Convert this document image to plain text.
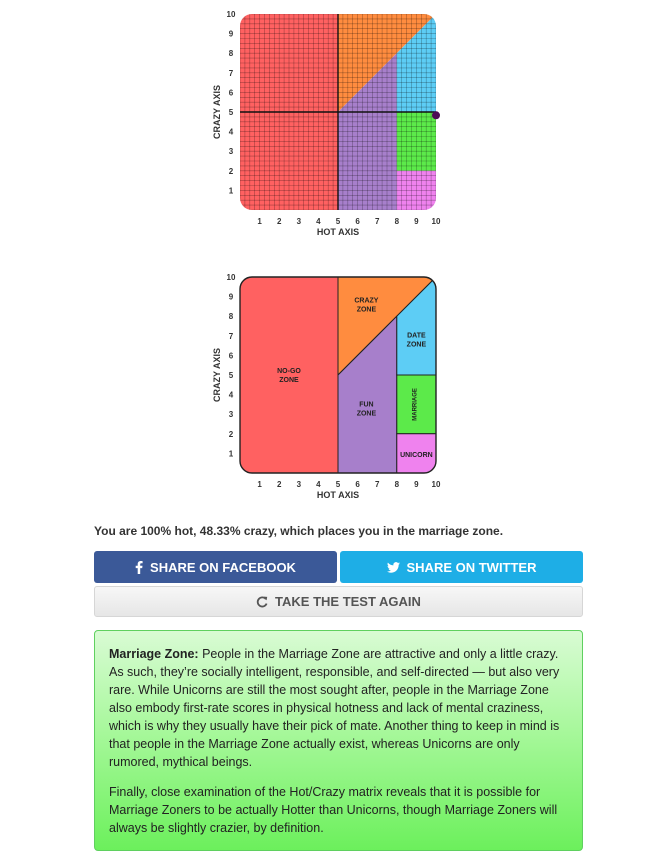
1 2 3 4 5 6 7 8 9 10
1
2
3
4
5
6
7
8
9
10
HOT AXIS
CRAZY AXIS
1 2 3 4 5 6 7 8 9 10
1
2
3
4
5
6
7
8
9
10
HOT AXIS
CRAZY AXIS	NO-GO
ZONE
CRAZY
ZONE
FUN
ZONE
DATE
ZONE
MARRIAGE
UNICORN
You are 100% hot, 48.33% crazy, which places you in the marriage zone.
SHARE ON FACEBOOK	SHARE ON TWITTER
TAKE THE TEST AGAIN

Marriage Zone: People in the Marriage Zone are attractive and only a little crazy. As such, they’re socially intelligent, responsible, and self-directed — but also very rare. While Unicorns are still the most sought after, people in the Marriage Zone also embody first-rate scores in physical hotness and lack of mental craziness, which is why they usually have their pick of mate. Another thing to keep in mind is that people in the Marriage Zone actually exist, whereas Unicorns are only rumored, mythical beings.

Finally, close examination of the Hot/Crazy matrix reveals that it is possible for Marriage Zoners to be actually Hotter than Unicorns, though Marriage Zoners will always be slightly crazier, by definition.
